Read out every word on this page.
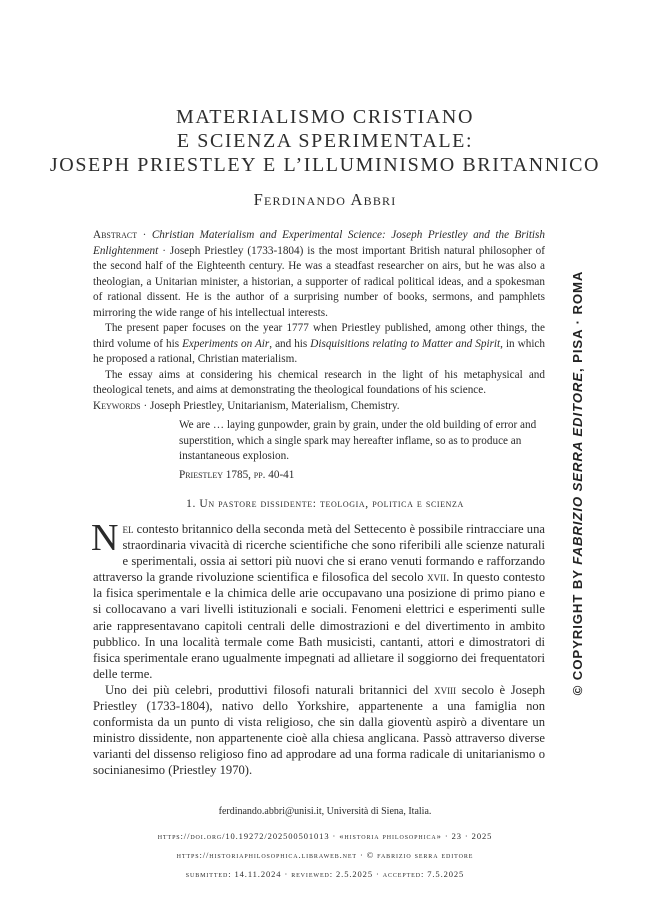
MATERIALISMO CRISTIANO
E SCIENZA SPERIMENTALE:
JOSEPH PRIESTLEY E L’ILLUMINISMO BRITANNICO
Ferdinando Abbri

Abstract · Christian Materialism and Experimental Science: Joseph Priestley and the British Enlightenment · Joseph Priestley (1733-1804) is the most important British natural philosopher of the second half of the Eighteenth century. He was a steadfast researcher on airs, but he was also a theologian, a Unitarian minister, a historian, a supporter of radical political ideas, and a spokesman of rational dissent. He is the author of a surprising number of books, sermons, and pamphlets mirroring the wide range of his intellectual interests.

The present paper focuses on the year 1777 when Priestley published, among other things, the third volume of his Experiments on Air, and his Disquisitions relating to Matter and Spirit, in which he proposed a rational, Christian materialism.

The essay aims at considering his chemical research in the light of his metaphysical and theological tenets, and aims at demonstrating the theological foundations of his science.

Keywords · Joseph Priestley, Unitarianism, Materialism, Chemistry.

We are … laying gunpowder, grain by grain, under the old building of error and superstition, which a single spark may hereafter inflame, so as to produce an instantaneous explosion.
Priestley 1785, pp. 40-41
1. Un pastore dissidente: teologia, politica e scienza

Nel contesto britannico della seconda metà del Settecento è possibile rintracciare una straordinaria vivacità di ricerche scientifiche che sono riferibili alle scienze naturali e sperimentali, ossia ai settori più nuovi che si erano venuti formando e rafforzando attraverso la grande rivoluzione scientifica e filosofica del secolo xvii. In questo contesto la fisica sperimentale e la chimica delle arie occupavano una posizione di primo piano e si collocavano a vari livelli istituzionali e sociali. Fenomeni elettrici e esperimenti sulle arie rappresentavano capitoli centrali delle dimostrazioni e del divertimento in ambito pubblico. In una località termale come Bath musicisti, cantanti, attori e dimostratori di fisica sperimentale erano ugualmente impegnati ad allietare il soggiorno dei frequentatori delle terme.

Uno dei più celebri, produttivi filosofi naturali britannici del xviii secolo è Joseph Priestley (1733-1804), nativo dello Yorkshire, appartenente a una famiglia non conformista da un punto di vista religioso, che sin dalla gioventù aspirò a diventare un ministro dissidente, non appartenente cioè alla chiesa anglicana. Passò attraverso diverse varianti del dissenso religioso fino ad approdare ad una forma radicale di unitarianismo o socinianesimo (Priestley 1970).

ferdinando.abbri@unisi.it, Università di Siena, Italia.
https://doi.org/10.19272/202500501013 · «historia philosophica» · 23 · 2025
https://historiaphilosophica.libraweb.net · © fabrizio serra editore
submitted: 14.11.2024 · reviewed: 2.5.2025 · accepted: 7.5.2025
© COPYRIGHT BY FABRIZIO SERRA EDITORE, PISA · ROMA
